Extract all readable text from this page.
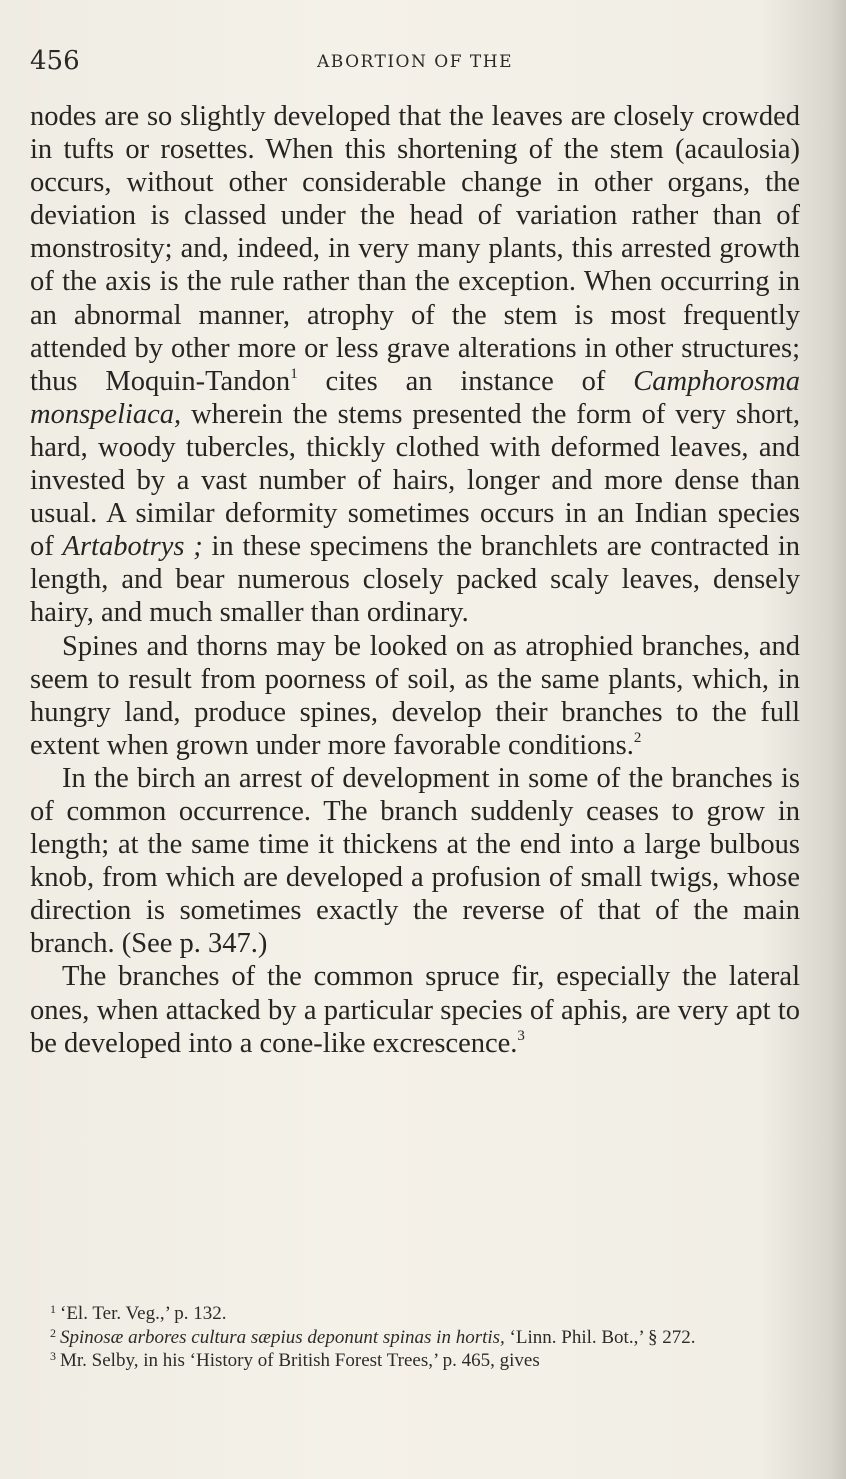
456	ABORTION OF THE

nodes are so slightly developed that the leaves are closely crowded in tufts or rosettes. When this shortening of the stem (acaulosia) occurs, without other considerable change in other organs, the deviation is classed under the head of variation rather than of monstrosity; and, indeed, in very many plants, this arrested growth of the axis is the rule rather than the exception. When occurring in an abnormal manner, atrophy of the stem is most frequently attended by other more or less grave alterations in other structures; thus Moquin-Tandon$^1$ cites an instance of Camphorosma monspeliaca, wherein the stems presented the form of very short, hard, woody tubercles, thickly clothed with deformed leaves, and invested by a vast number of hairs, longer and more dense than usual. A similar deformity sometimes occurs in an Indian species of Artabotrys ; in these specimens the branchlets are contracted in length, and bear numerous closely packed scaly leaves, densely hairy, and much smaller than ordinary.

Spines and thorns may be looked on as atrophied branches, and seem to result from poorness of soil, as the same plants, which, in hungry land, produce spines, develop their branches to the full extent when grown under more favorable conditions.$^2$

In the birch an arrest of development in some of the branches is of common occurrence. The branch suddenly ceases to grow in length; at the same time it thickens at the end into a large bulbous knob, from which are developed a profusion of small twigs, whose direction is sometimes exactly the reverse of that of the main branch. (See p. 347.)

The branches of the common spruce fir, especially the lateral ones, when attacked by a particular species of aphis, are very apt to be developed into a cone-like excrescence.$^3$

$^1$ ‘El. Ter. Veg.,’ p. 132.

$^2$ Spinosæ arbores cultura sæpius deponunt spinas in hortis, ‘Linn. Phil. Bot.,’ § 272.

$^3$ Mr. Selby, in his ‘History of British Forest Trees,’ p. 465, gives
